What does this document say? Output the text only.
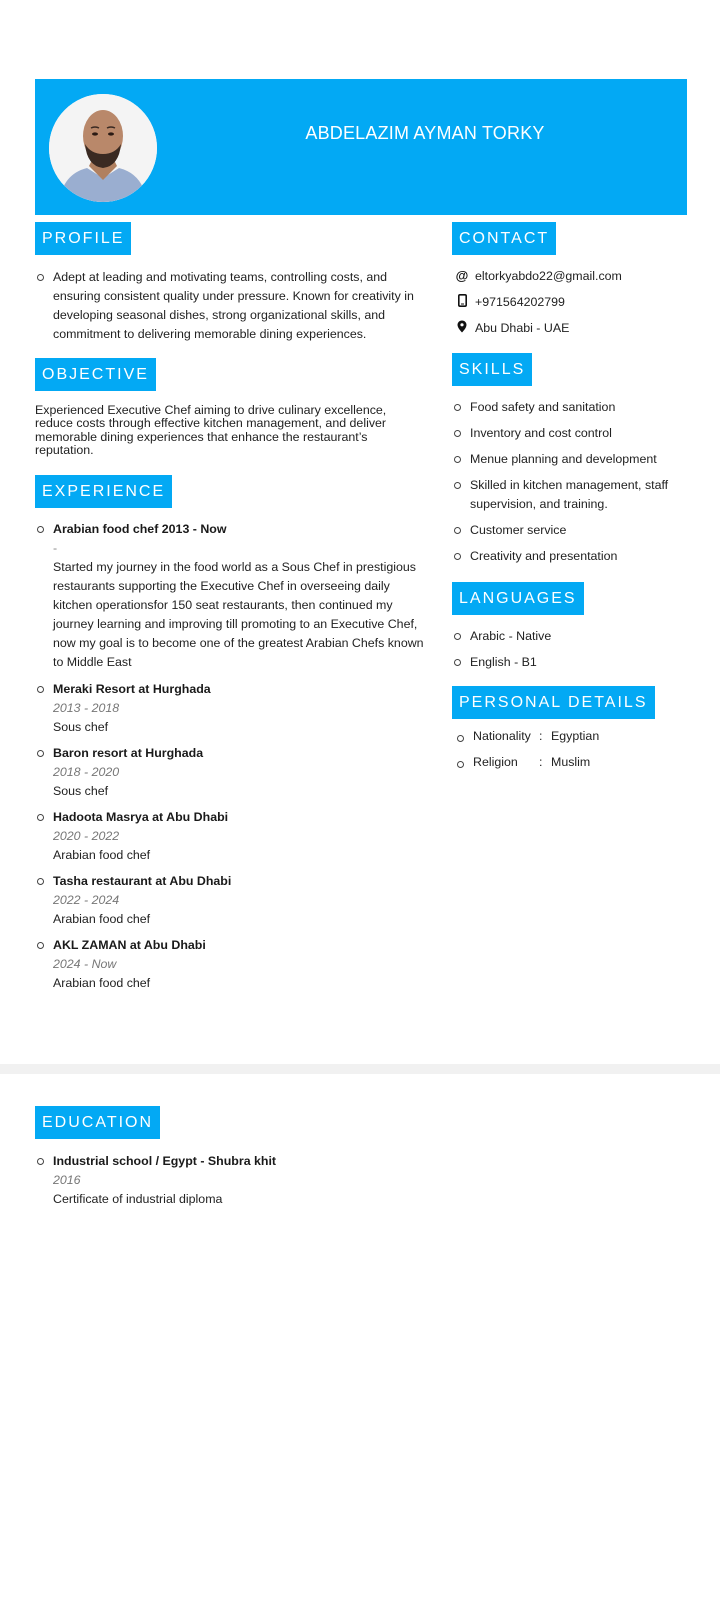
ABDELAZIM AYMAN TORKY
PROFILE
Adept at leading and motivating teams, controlling costs, and ensuring consistent quality under pressure. Known for creativity in developing seasonal dishes, strong organizational skills, and commitment to delivering memorable dining experiences.
OBJECTIVE
Experienced Executive Chef aiming to drive culinary excellence, reduce costs through effective kitchen management, and deliver memorable dining experiences that enhance the restaurant’s reputation.
EXPERIENCE
Arabian food chef 2013 - Now
-
Started my journey in the food world as a Sous Chef in prestigious restaurants supporting the Executive Chef in overseeing daily kitchen operationsfor 150 seat restaurants, then continued my journey learning and improving till promoting to an Executive Chef, now my goal is to become one of the greatest Arabian Chefs known to Middle East
Meraki Resort at Hurghada
2013 - 2018
Sous chef
Baron resort at Hurghada
2018 - 2020
Sous chef
Hadoota Masrya at Abu Dhabi
2020 - 2022
Arabian food chef
Tasha restaurant at Abu Dhabi
2022 - 2024
Arabian food chef
AKL ZAMAN at Abu Dhabi
2024 - Now
Arabian food chef
CONTACT
@ eltorkyabdo22@gmail.com
+971564202799
Abu Dhabi - UAE
SKILLS
Food safety and sanitation
Inventory and cost control
Menue planning and development
Skilled in kitchen management, staff supervision, and training.
Customer service
Creativity and presentation
LANGUAGES
Arabic - Native
English - B1
PERSONAL DETAILS
Nationality : Egyptian
Religion : Muslim
EDUCATION
Industrial school / Egypt - Shubra khit
2016
Certificate of industrial diploma
